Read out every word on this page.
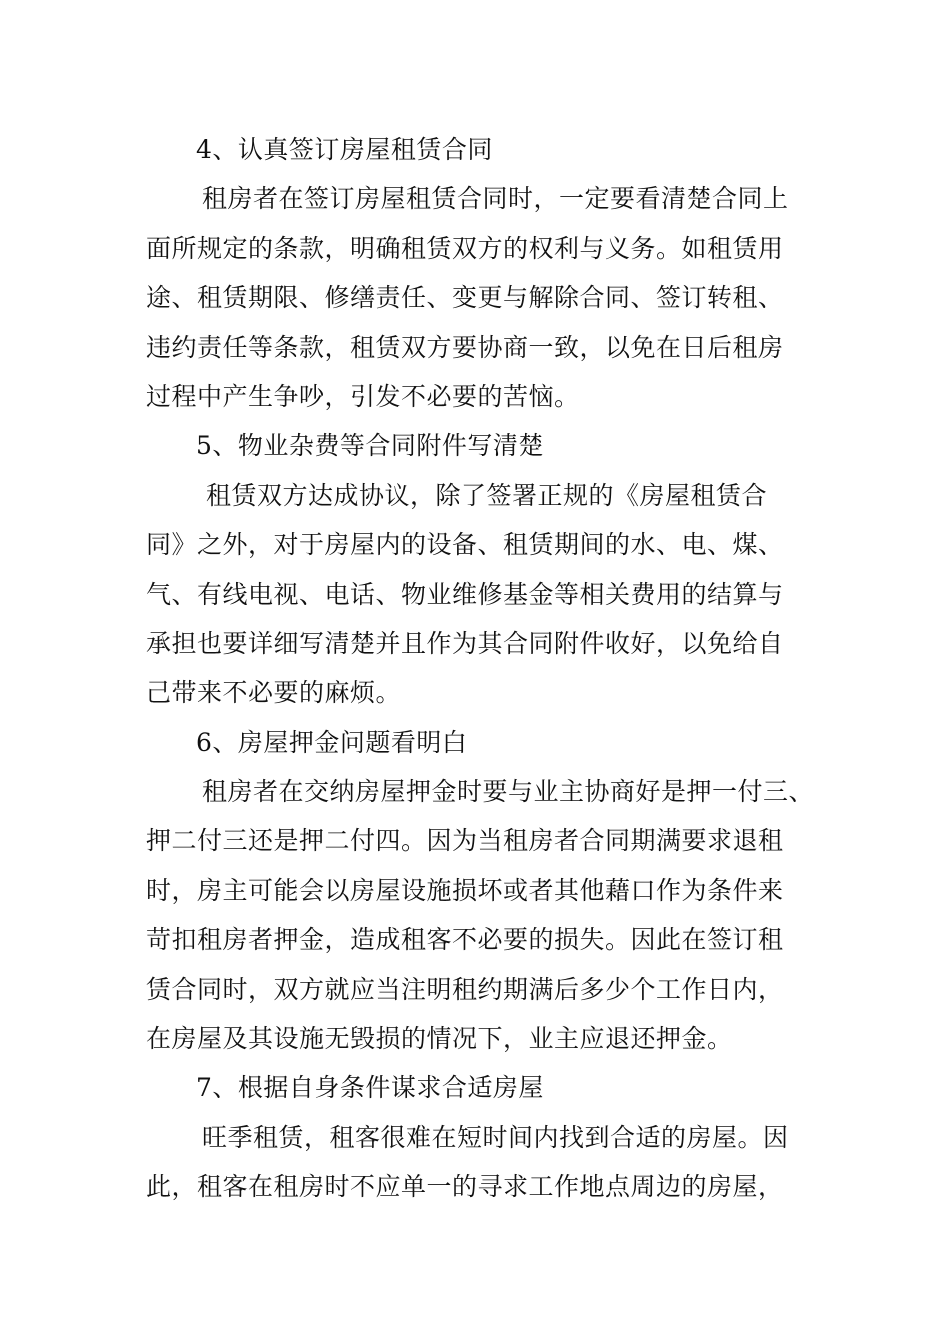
4、认真签订房屋租赁合同
租房者在签订房屋租赁合同时，一定要看清楚合同上
面所规定的条款，明确租赁双方的权利与义务。如租赁用
途、租赁期限、修缮责任、变更与解除合同、签订转租、
违约责任等条款，租赁双方要协商一致，以免在日后租房
过程中产生争吵，引发不必要的苦恼。
5、物业杂费等合同附件写清楚
租赁双方达成协议，除了签署正规的《房屋租赁合
同》之外，对于房屋内的设备、租赁期间的水、电、煤、
气、有线电视、电话、物业维修基金等相关费用的结算与
承担也要详细写清楚并且作为其合同附件收好，以免给自
己带来不必要的麻烦。
6、房屋押金问题看明白
租房者在交纳房屋押金时要与业主协商好是押一付三、
押二付三还是押二付四。因为当租房者合同期满要求退租
时，房主可能会以房屋设施损坏或者其他藉口作为条件来
苛扣租房者押金，造成租客不必要的损失。因此在签订租
赁合同时，双方就应当注明租约期满后多少个工作日内，
在房屋及其设施无毁损的情况下，业主应退还押金。
7、根据自身条件谋求合适房屋
旺季租赁，租客很难在短时间内找到合适的房屋。因
此，租客在租房时不应单一的寻求工作地点周边的房屋，
